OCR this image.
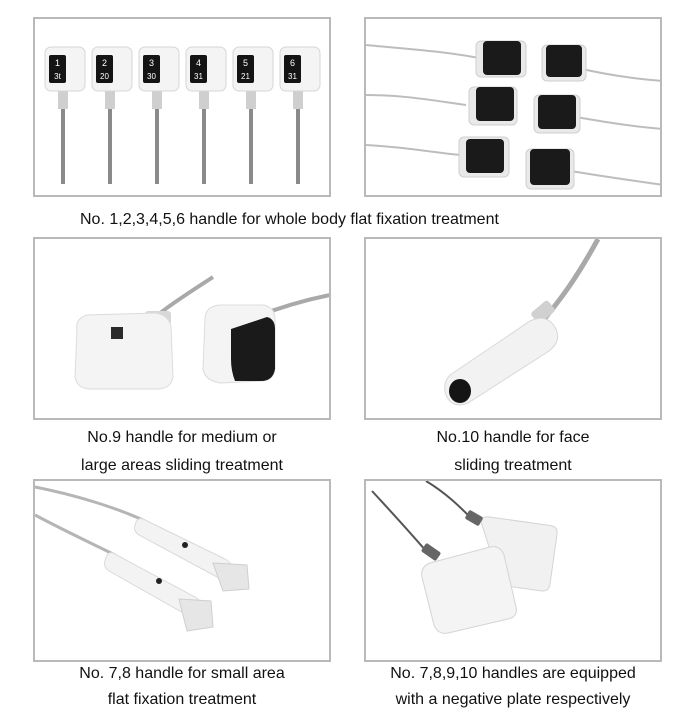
1
3t
2
20
3
30
4
31
5
21
6
31
No. 1,2,3,4,5,6 handle for whole body flat fixation treatment
No.9 handle for medium or
large areas sliding treatment
No.10 handle for face
sliding treatment
No. 7,8 handle for small area
flat fixation treatment
No. 7,8,9,10 handles are equipped
with a negative plate respectively
